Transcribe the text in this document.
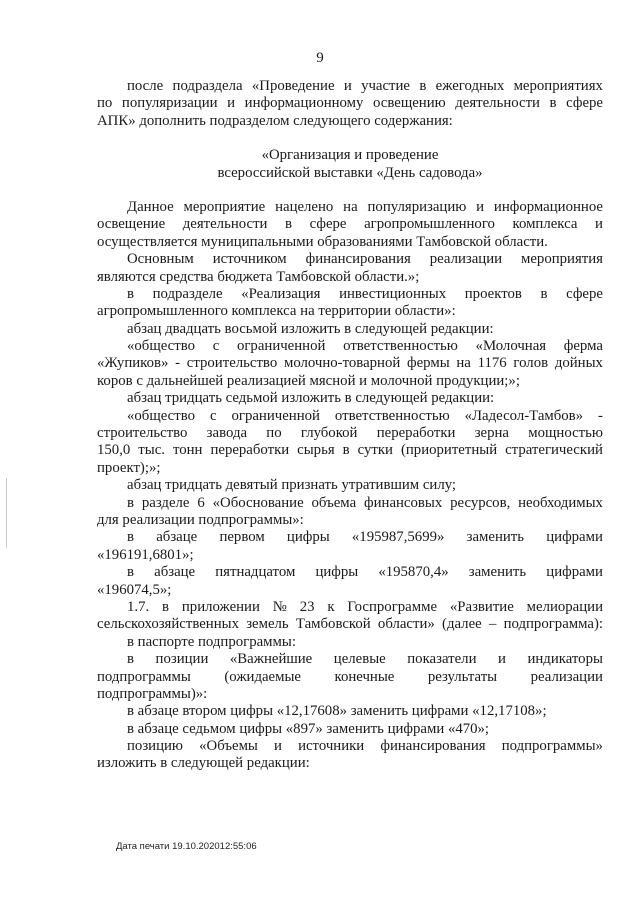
9
после подраздела «Проведение и участие в ежегодных мероприятиях
по популяризации и информационному освещению деятельности в сфере
АПК» дополнить подразделом следующего содержания:
«Организация и проведение
всероссийской выставки «День садовода»
Данное мероприятие нацелено на популяризацию и информационное
освещение деятельности в сфере агропромышленного комплекса и
осуществляется муниципальными образованиями Тамбовской области.
Основным источником финансирования реализации мероприятия
являются средства бюджета Тамбовской области.»;
в подразделе «Реализация инвестиционных проектов в сфере
агропромышленного комплекса на территории области»:
абзац двадцать восьмой изложить в следующей редакции:
«общество с ограниченной ответственностью «Молочная ферма
«Жупиков» - строительство молочно-товарной фермы на 1176 голов дойных
коров с дальнейшей реализацией мясной и молочной продукции;»;
абзац тридцать седьмой изложить в следующей редакции:
«общество с ограниченной ответственностью «Ладесол-Тамбов» -
строительство завода по глубокой переработки зерна мощностью
150,0 тыс. тонн переработки сырья в сутки (приоритетный стратегический
проект);»;
абзац тридцать девятый признать утратившим силу;
в разделе 6 «Обоснование объема финансовых ресурсов, необходимых
для реализации подпрограммы»:
в абзаце первом цифры «195987,5699» заменить цифрами
«196191,6801»;
в абзаце пятнадцатом цифры «195870,4» заменить цифрами
«196074,5»;
1.7. в приложении № 23 к Госпрограмме «Развитие мелиорации
сельскохозяйственных земель Тамбовской области» (далее – подпрограмма):
в паспорте подпрограммы:
в позиции «Важнейшие целевые показатели и индикаторы
подпрограммы (ожидаемые конечные результаты реализации
подпрограммы)»:
в абзаце втором цифры «12,17608» заменить цифрами «12,17108»;
в абзаце седьмом цифры «897» заменить цифрами «470»;
позицию «Объемы и источники финансирования подпрограммы»
изложить в следующей редакции:
Дата печати 19.10.202012:55:06
